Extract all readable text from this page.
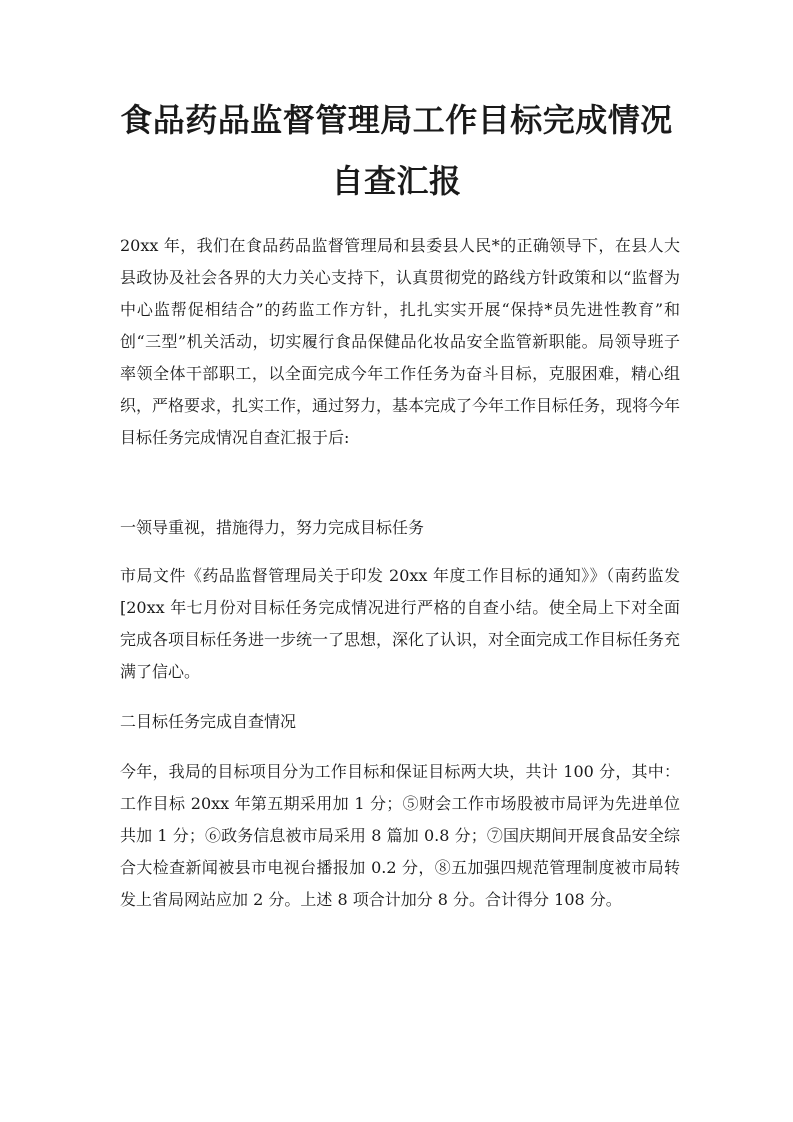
食品药品监督管理局工作目标完成情况
自查汇报

20xx 年，我们在食品药品监督管理局和县委县人民*的正确领导下，在县人大县政协及社会各界的大力关心支持下，认真贯彻党的路线方针政策和以“监督为中心监帮促相结合”的药监工作方针，扎扎实实开展“保持*员先进性教育”和创“三型”机关活动，切实履行食品保健品化妆品安全监管新职能。局领导班子率领全体干部职工，以全面完成今年工作任务为奋斗目标，克服困难，精心组织，严格要求，扎实工作，通过努力，基本完成了今年工作目标任务，现将今年目标任务完成情况自查汇报于后:

一领导重视，措施得力，努力完成目标任务

市局文件《药品监督管理局关于印发 20xx 年度工作目标的通知》》（南药监发[20xx 年七月份对目标任务完成情况进行严格的自查小结。使全局上下对全面完成各项目标任务进一步统一了思想，深化了认识，对全面完成工作目标任务充满了信心。

二目标任务完成自查情况

今年，我局的目标项目分为工作目标和保证目标两大块，共计 100 分，其中：工作目标 20xx 年第五期采用加 1 分；⑤财会工作市场股被市局评为先进单位共加 1 分；⑥政务信息被市局采用 8 篇加 0.8 分；⑦国庆期间开展食品安全综合大检查新闻被县市电视台播报加 0.2 分，⑧五加强四规范管理制度被市局转发上省局网站应加 2 分。上述 8 项合计加分 8 分。合计得分 108 分。
